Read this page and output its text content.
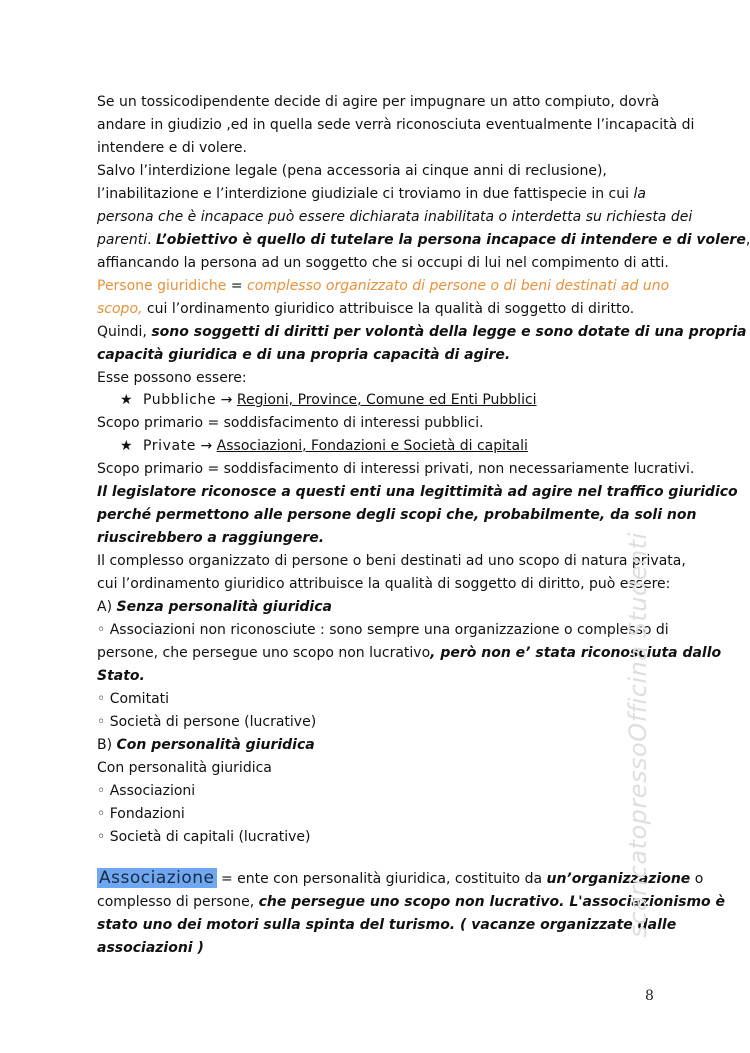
Se un tossicodipendente decide di agire per impugnare un atto compiuto, dovrà
andare in giudizio ,ed in quella sede verrà riconosciuta eventualmente l’incapacità di
intendere e di volere.
Salvo l’interdizione legale (pena accessoria ai cinque anni di reclusione),
l’inabilitazione e l’interdizione giudiziale ci troviamo in due fattispecie in cui la
persona che è incapace può essere dichiarata inabilitata o interdetta su richiesta dei
parenti. L’obiettivo è quello di tutelare la persona incapace di intendere e di volere,
affiancando la persona ad un soggetto che si occupi di lui nel compimento di atti.
Persone giuridiche = complesso organizzato di persone o di beni destinati ad uno
scopo, cui l’ordinamento giuridico attribuisce la qualità di soggetto di diritto.
Quindi, sono soggetti di diritti per volontà della legge e sono dotate di una propria
capacità giuridica e di una propria capacità di agire.
Esse possono essere:
★ Pubbliche → Regioni, Province, Comune ed Enti Pubblici
Scopo primario = soddisfacimento di interessi pubblici.
★ Private → Associazioni, Fondazioni e Società di capitali
Scopo primario = soddisfacimento di interessi privati, non necessariamente lucrativi.
Il legislatore riconosce a questi enti una legittimità ad agire nel traffico giuridico
perché permettono alle persone degli scopi che, probabilmente, da soli non
riuscirebbero a raggiungere.
Il complesso organizzato di persone o beni destinati ad uno scopo di natura privata,
cui l’ordinamento giuridico attribuisce la qualità di soggetto di diritto, può essere:
A) Senza personalità giuridica
◦ Associazioni non riconosciute : sono sempre una organizzazione o complesso di
persone, che persegue uno scopo non lucrativo, però non e’ stata riconosciuta dallo
Stato.
◦ Comitati
◦ Società di persone (lucrative)
B) Con personalità giuridica
Con personalità giuridica
◦ Associazioni
◦ Fondazioni
◦ Società di capitali (lucrative)
Associazione = ente con personalità giuridica, costituito da un’organizzazione o
complesso di persone, che persegue uno scopo non lucrativo. L'associazionismo è
stato uno dei motori sulla spinta del turismo. ( vacanze organizzate dalle
associazioni )
scaricatopressoOfficina Studenti
8
